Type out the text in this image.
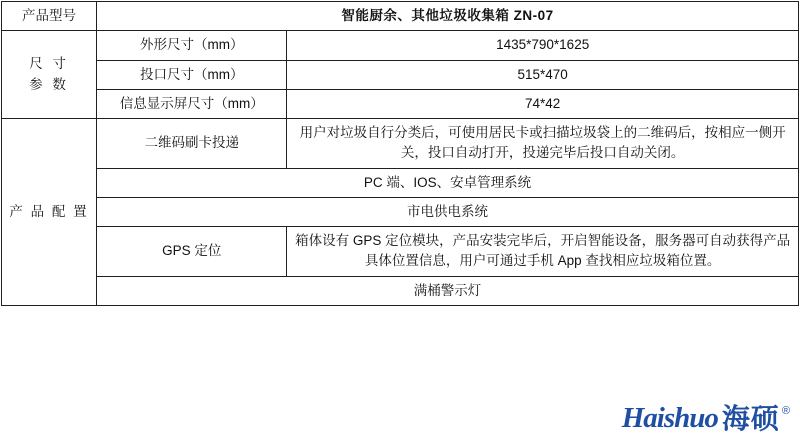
产品型号	智能厨余、其他垃圾收集箱 ZN-07	

尺 寸
参 数	外形尺寸（mm）	1435*790*1625
	投口尺寸（mm）	515*470
	信息显示屏尺寸（mm）	74*42

产 品 配 置	二维码刷卡投递	用户对垃圾自行分类后，可使用居民卡或扫描垃圾袋上的二维码后，按相应一侧开关，投口自动打开，投递完毕后投口自动关闭。
	PC 端、IOS、安卓管理系统	
	市电供电系统	
	GPS 定位	箱体设有 GPS 定位模块，产品安装完毕后，开启智能设备，服务器可自动获得产品具体位置信息，用户可通过手机 App 查找相应垃圾箱位置。
	满桶警示灯	
Haishuo 海硕 ®
